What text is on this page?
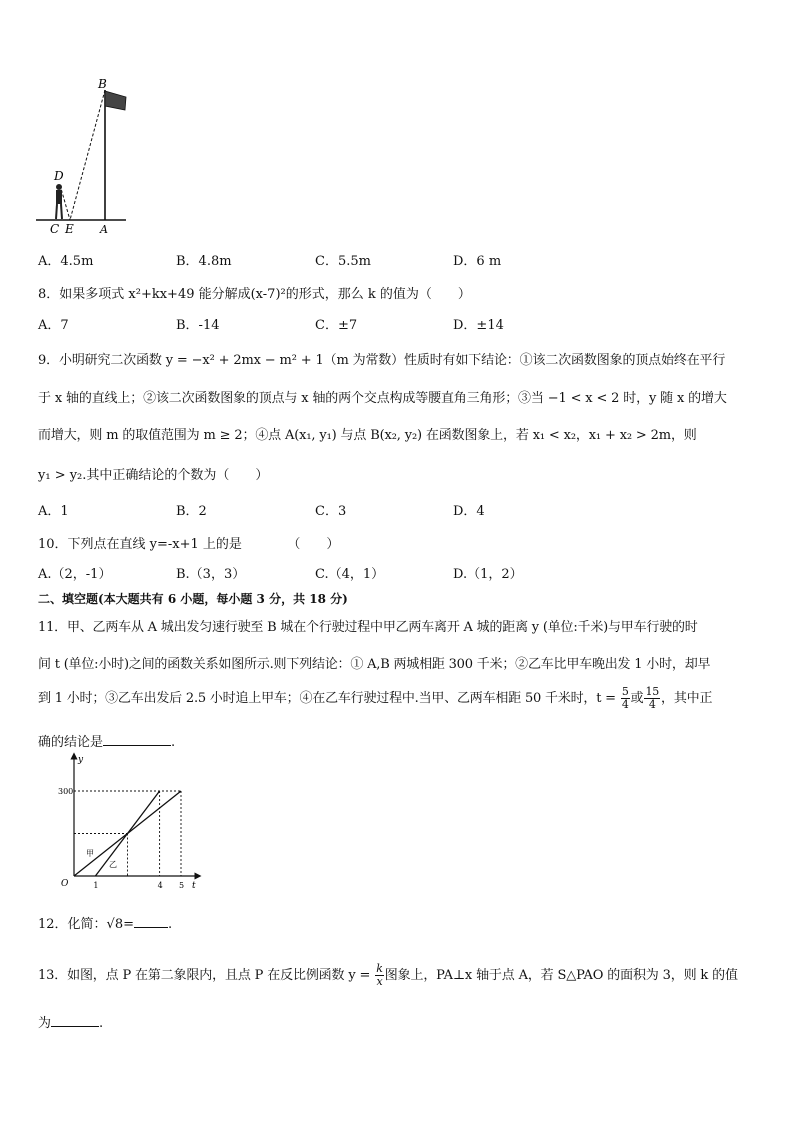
B
D
C E A
A．4.5m	B．4.8m	C．5.5m	D．6 m
8．如果多项式 x²+kx+49 能分解成(x-7)²的形式，那么 k 的值为（　　）
A．7	B．-14	C．±7	D．±14
9．小明研究二次函数 y = −x² + 2mx − m² + 1（m 为常数）性质时有如下结论：①该二次函数图象的顶点始终在平行
于 x 轴的直线上；②该二次函数图象的顶点与 x 轴的两个交点构成等腰直角三角形；③当 −1 < x < 2 时，y 随 x 的增大
而增大，则 m 的取值范围为 m ≥ 2；④点 A(x₁, y₁) 与点 B(x₂, y₂) 在函数图象上，若 x₁ < x₂，x₁ + x₂ > 2m，则
y₁ > y₂.其中正确结论的个数为（　　）
A．1	B．2	C．3	D．4
10．下列点在直线 y=-x+1 上的是　　　　（　　）
A.（2，-1）	B.（3，3）	C.（4，1）	D.（1，2）
二、填空题(本大题共有 6 小题，每小题 3 分，共 18 分)
11．甲、乙两车从 A 城出发匀速行驶至 B 城在个行驶过程中甲乙两车离开 A 城的距离 y (单位:千米)与甲车行驶的时
间 t (单位:小时)之间的函数关系如图所示.则下列结论：① A,B 两城相距 300 千米；②乙车比甲车晚出发 1 小时，却早
到 1 小时；③乙车出发后 2.5 小时追上甲车；④在乙车行驶过程中.当甲、乙两车相距 50 千米时，$t = \frac{5}{4}$ 或 $\frac{15}{4}$ ，其中正
确的结论是	.
y
t
O
300
1	4 5
甲
乙
12．化简：√8=	.
13．如图，点 P 在第二象限内，且点 P 在反比例函数 $y = \frac{k}{x}$ 图象上，PA⊥x 轴于点 A，若 S△PAO 的面积为 3，则 k 的值
为	.
